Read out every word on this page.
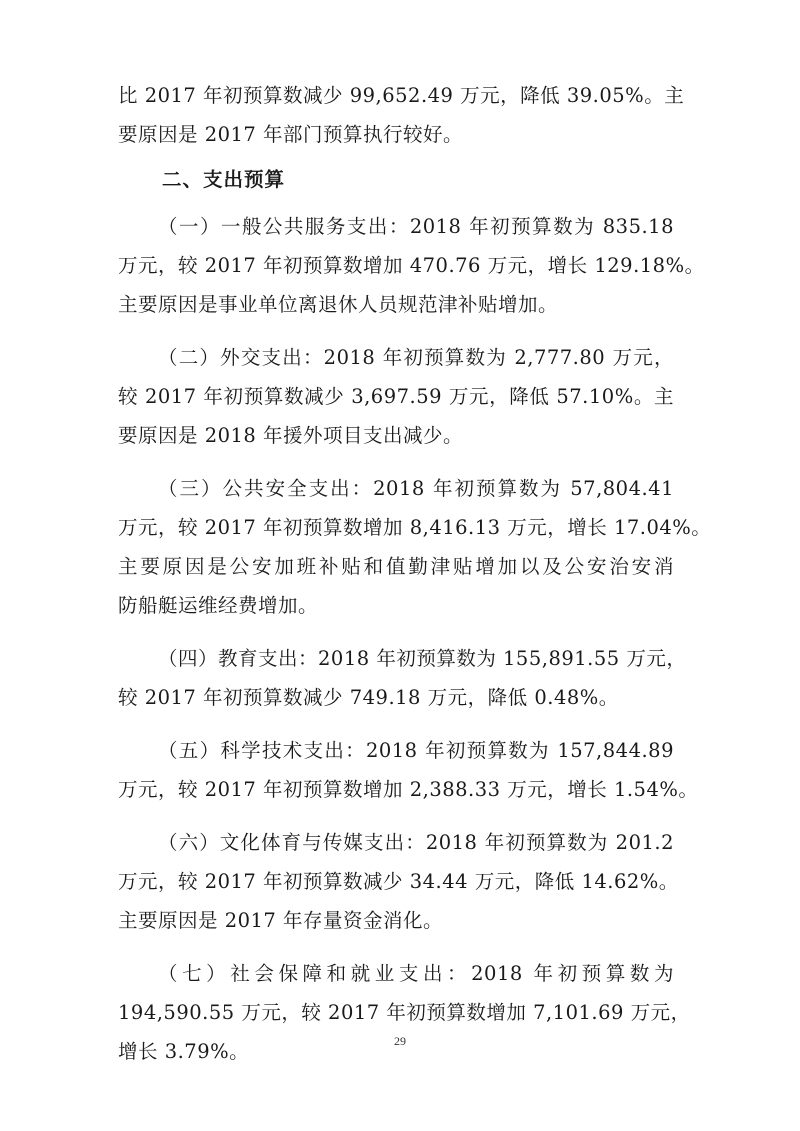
比 2017 年初预算数减少 99,652.49 万元，降低 39.05%。主
要原因是 2017 年部门预算执行较好。
二、支出预算
（一）一般公共服务支出：2018 年初预算数为 835.18
万元，较 2017 年初预算数增加 470.76 万元，增长 129.18%。
主要原因是事业单位离退休人员规范津补贴增加。
（二）外交支出：2018 年初预算数为 2,777.80 万元，
较 2017 年初预算数减少 3,697.59 万元，降低 57.10%。主
要原因是 2018 年援外项目支出减少。
（三）公共安全支出：2018 年初预算数为 57,804.41
万元，较 2017 年初预算数增加 8,416.13 万元，增长 17.04%。
主要原因是公安加班补贴和值勤津贴增加以及公安治安消
防船艇运维经费增加。
（四）教育支出：2018 年初预算数为 155,891.55 万元，
较 2017 年初预算数减少 749.18 万元，降低 0.48%。
（五）科学技术支出：2018 年初预算数为 157,844.89
万元，较 2017 年初预算数增加 2,388.33 万元，增长 1.54%。
（六）文化体育与传媒支出：2018 年初预算数为 201.2
万元，较 2017 年初预算数减少 34.44 万元，降低 14.62%。
主要原因是 2017 年存量资金消化。
（七）社会保障和就业支出：2018 年初预算数为
194,590.55 万元，较 2017 年初预算数增加 7,101.69 万元，
增长 3.79%。	29
